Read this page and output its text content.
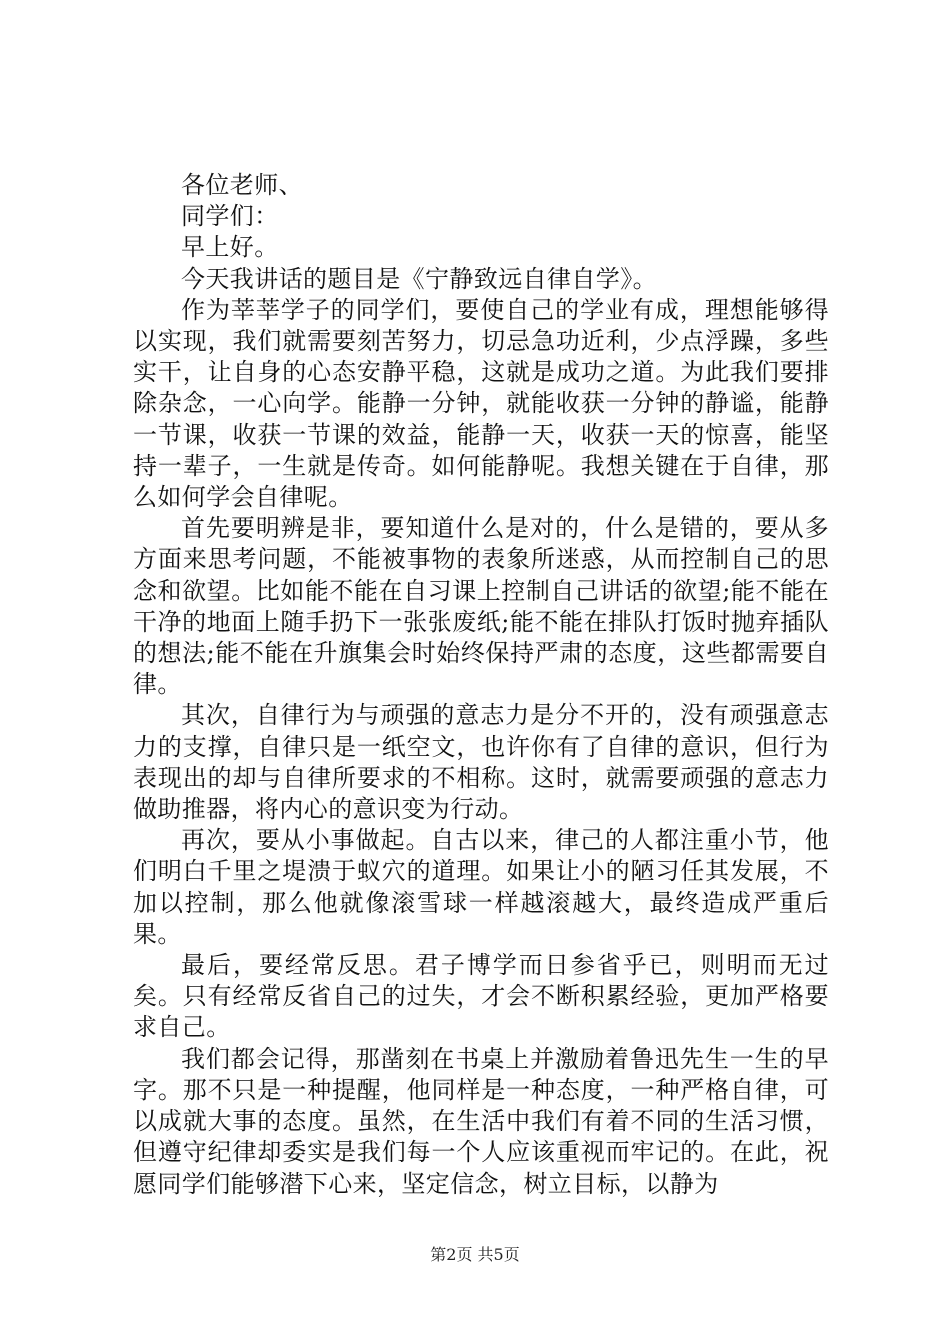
各位老师、

同学们：

早上好。

今天我讲话的题目是《宁静致远自律自学》。

作为莘莘学子的同学们，要使自己的学业有成，理想能够得以实现，我们就需要刻苦努力，切忌急功近利，少点浮躁，多些实干，让自身的心态安静平稳，这就是成功之道。为此我们要排除杂念，一心向学。能静一分钟，就能收获一分钟的静谧，能静一节课，收获一节课的效益，能静一天，收获一天的惊喜，能坚持一辈子，一生就是传奇。如何能静呢。我想关键在于自律，那么如何学会自律呢。

首先要明辨是非，要知道什么是对的，什么是错的，要从多方面来思考问题，不能被事物的表象所迷惑，从而控制自己的思念和欲望。比如能不能在自习课上控制自己讲话的欲望;能不能在干净的地面上随手扔下一张张废纸;能不能在排队打饭时抛弃插队的想法;能不能在升旗集会时始终保持严肃的态度，这些都需要自律。

其次，自律行为与顽强的意志力是分不开的，没有顽强意志力的支撑，自律只是一纸空文，也许你有了自律的意识，但行为表现出的却与自律所要求的不相称。这时，就需要顽强的意志力做助推器，将内心的意识变为行动。

再次，要从小事做起。自古以来，律己的人都注重小节，他们明白千里之堤溃于蚁穴的道理。如果让小的陋习任其发展，不加以控制，那么他就像滚雪球一样越滚越大，最终造成严重后果。

最后，要经常反思。君子博学而日参省乎已，则明而无过矣。只有经常反省自己的过失，才会不断积累经验，更加严格要求自己。

我们都会记得，那凿刻在书桌上并激励着鲁迅先生一生的早字。那不只是一种提醒，他同样是一种态度，一种严格自律，可以成就大事的态度。虽然，在生活中我们有着不同的生活习惯，但遵守纪律却委实是我们每一个人应该重视而牢记的。在此，祝愿同学们能够潜下心来，坚定信念，树立目标，以静为

第2页 共5页
